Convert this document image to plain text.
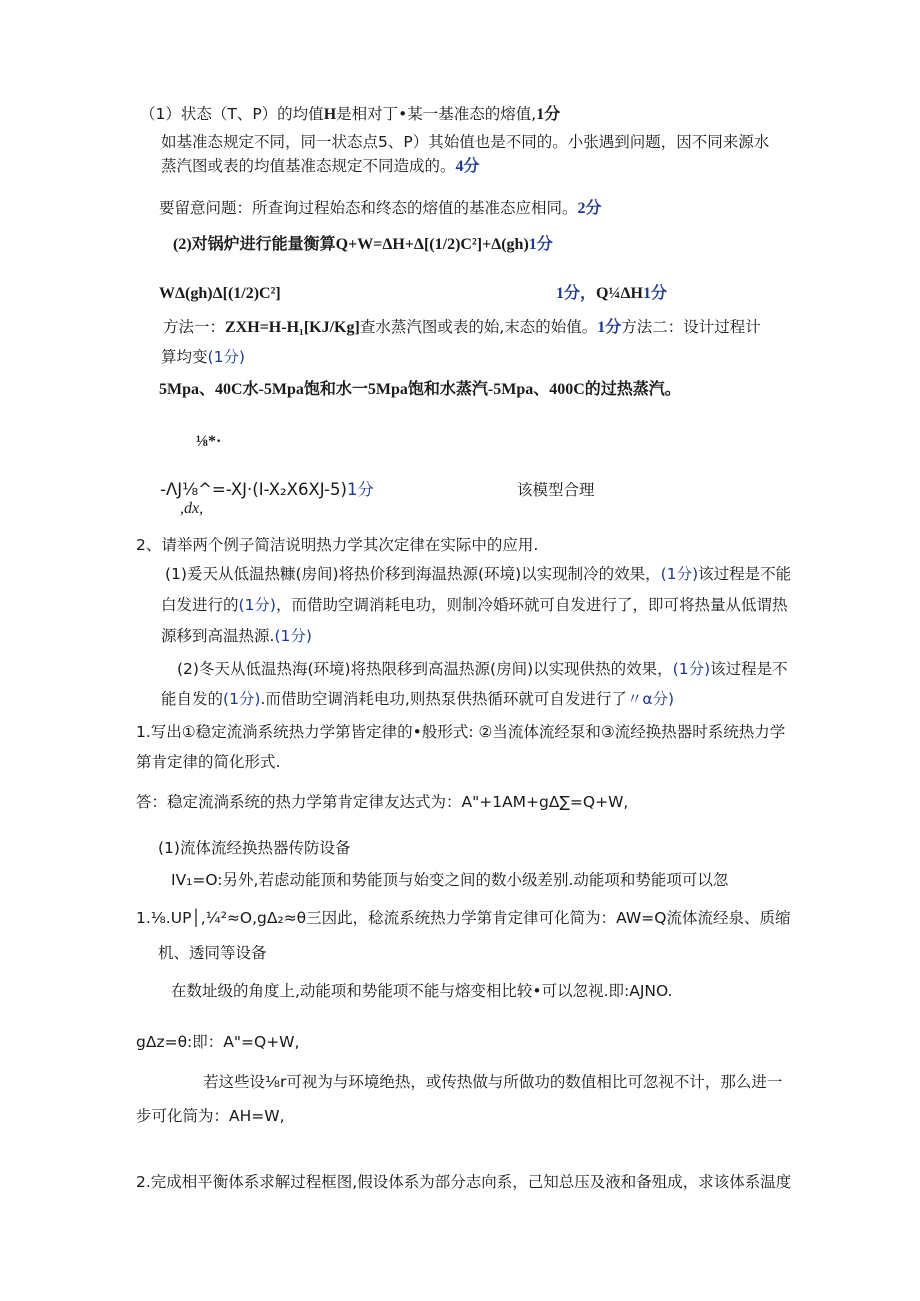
（1）状态（T、P）的均值H是相对丁•某一基准态的熔值,1分
如基准态规定不同，同一状态点5、P）其始值也是不同的。小张遇到问题，因不同来源水
蒸汽图或表的均值基准态规定不同造成的。4分
要留意问题：所查询过程始态和终态的熔值的基准态应相同。2分
(2)对锅炉进行能量衡算Q+W=ΔH+Δ[(1/2)C²]+Δ(gh)1分
WΔ(gh)Δ[(1/2)C²]	1分，Q¼ΔH1分
方法一：ZXH=H-H₁[KJ/Kg]查水蒸汽图或表的始,末态的始值。1分方法二：设计过程计
算均变(1分)
5Mpa、40C水-5Mpa饱和水一5Mpa饱和水蒸汽-5Mpa、400C的过热蒸汽。
⅛*·
-ΛJ⅛^=-XJ·(I-X₂X6XJ-5)1分	该模型合理
,dx,
2、请举两个例子简洁说明热力学其次定律在实际中的应用.
(1)爰天从低温热糠(房间)将热价移到海温热源(环境)以实现制冷的效果，(1分)该过程是不能
白发进行的(1分)，而借助空调消耗电功，则制冷婚环就可自发进行了，即可将热量从低谓热
源移到高温热源.(1分)
(2)冬天从低温热海(环境)将热限移到高温热源(房间)以实现供热的效果，(1分)该过程是不
能自发的(1分).而借助空调消耗电功,则热泵供热循环就可自发进行了〃α分)
1.写出①稳定流淌系统热力学第皆定律的•般形式: ②当流体流经泵和③流经换热器时系统热力学
第肯定律的简化形式.
答：稳定流淌系统的热力学第肯定律友达式为：A"+1AM+gΔ∑=Q+W,
(1)流体流经换热器传防设备
IV₁=O:另外,若虑动能顶和势能顶与始变之间的数小级差别.动能项和势能项可以忽
1.⅛.UP│,¼²≈O,gΔ₂≈θ三因此，稔流系统热力学第肯定律可化简为：AW=Q流体流经泉、质缩
机、透同等设备
在数址级的角度上,动能项和势能项不能与熔变相比较•可以忽视.即:AJNO.
gΔz=θ:即：A"=Q+W,
若这些设⅛r可视为与环境绝热，或传热做与所做功的数值相比可忽视不计，那么进一
步可化筒为：AH=W,
2.完成相平衡体系求解过程框图,假设体系为部分志向系，己知总压及液和备殂成，求该体系温度
